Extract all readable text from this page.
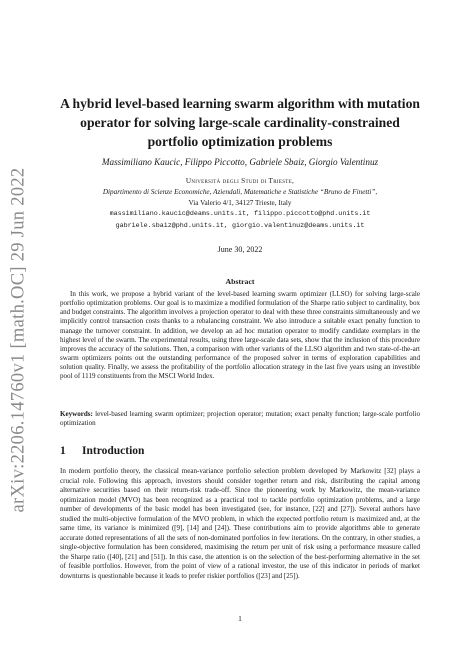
arXiv:2206.14760v1 [math.OC] 29 Jun 2022
A hybrid level-based learning swarm algorithm with mutation operator for solving large-scale cardinality-constrained portfolio optimization problems
Massimiliano Kaucic, Filippo Piccotto, Gabriele Sbaiz, Giorgio Valentinuz
Università degli Studi di Trieste,
Dipartimento di Scienze Economiche, Aziendali, Matematiche e Statistiche “Bruno de Finetti”,
Via Valerio 4/1, 34127 Trieste, Italy
massimiliano.kaucic@deams.units.it, filippo.piccotto@phd.units.it
gabriele.sbaiz@phd.units.it, giorgio.valentinuz@deams.units.it
June 30, 2022
Abstract
In this work, we propose a hybrid variant of the level-based learning swarm optimizer (LLSO) for solving large-scale portfolio optimization problems. Our goal is to maximize a modified formulation of the Sharpe ratio subject to cardinality, box and budget constraints. The algorithm involves a projection operator to deal with these three constraints simultaneously and we implicitly control transaction costs thanks to a rebalancing constraint. We also introduce a suitable exact penalty function to manage the turnover constraint. In addition, we develop an ad hoc mutation operator to modify candidate exemplars in the highest level of the swarm. The experimental results, using three large-scale data sets, show that the inclusion of this procedure improves the accuracy of the solutions. Then, a comparison with other variants of the LLSO algorithm and two state-of-the-art swarm optimizers points out the outstanding performance of the proposed solver in terms of exploration capabilities and solution quality. Finally, we assess the profitability of the portfolio allocation strategy in the last five years using an investible pool of 1119 constituents from the MSCI World Index.
Keywords: level-based learning swarm optimizer; projection operator; mutation; exact penalty function; large-scale portfolio optimization
1 Introduction
In modern portfolio theory, the classical mean-variance portfolio selection problem developed by Markowitz [32] plays a crucial role. Following this approach, investors should consider together return and risk, distributing the capital among alternative securities based on their return-risk trade-off. Since the pioneering work by Markowitz, the mean-variance optimization model (MVO) has been recognized as a practical tool to tackle portfolio optimization problems, and a large number of developments of the basic model has been investigated (see, for instance, [22] and [27]). Several authors have studied the multi-objective formulation of the MVO problem, in which the expected portfolio return is maximized and, at the same time, its variance is minimized ([9], [14] and [24]). These contributions aim to provide algorithms able to generate accurate dotted representations of all the sets of non-dominated portfolios in few iterations. On the contrary, in other studies, a single-objective formulation has been considered, maximising the return per unit of risk using a performance measure called the Sharpe ratio ([40], [21] and [51]). In this case, the attention is on the selection of the best-performing alternative in the set of feasible portfolios. However, from the point of view of a rational investor, the use of this indicator in periods of market downturns is questionable because it leads to prefer riskier portfolios ([23] and [25]).
1
